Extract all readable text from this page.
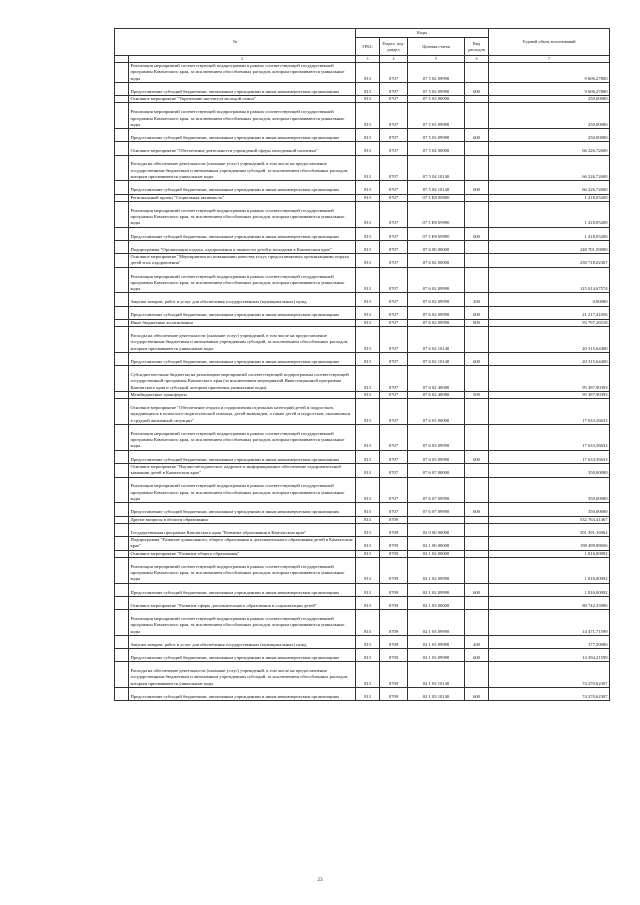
№		Коды				Годовой объем ассигнований
		ГРБС	Раздел, под-раздел	Целевая статья	Вид расходов	
.	2	3	4	5	6	7
	Реализация мероприятий соответствующей подпрограммы в рамках соответствующей государственной программы Камчатского края, за исключением обособленных расходов, которым присваиваются уникальные коды	813	0707	07 5 02 09990		9 606,27800
	Предоставление субсидий бюджетным, автономным учреждениям и иным некоммерческим организациям	813	0707	07 5 02 09990	600	9 606,27800
	Основное мероприятие "Укрепление института молодой семьи"	813	0707	07 5 03 00000		250,00000
	Реализация мероприятий соответствующей подпрограммы в рамках соответствующей государственной программы Камчатского края, за исключением обособленных расходов, которым присваиваются уникальные коды	813	0707	07 5 03 09990		250,00000
	Предоставление субсидий бюджетным, автономным учреждениям и иным некоммерческим организациям	813	0707	07 5 03 09990	600	250,00000
	Основное мероприятие "Обеспечение деятельности учреждений сферы молодежной политики"	813	0707	07 5 04 00000		66 226,72600
	Расходы на обеспечение деятельности (оказание услуг) учреждений, в том числе на предоставление государственным бюджетным и автономным учреждениям субсидий, за исключением обособленных расходов, которым присваиваются уникальные коды	813	0707	07 5 04 10140		66 226,72600
	Предоставление субсидий бюджетным, автономным учреждениям и иным некоммерческим организациям	813	0707	07 5 04 10140	600	66 226,72600
	Региональный проект "Социальная активность"	813	0707	07 5 E8 00000		1 418,05200
	Реализация мероприятий соответствующей подпрограммы в рамках соответствующей государственной программы Камчатского края, за исключением обособленных расходов, которым присваиваются уникальные коды	813	0707	07 5 E8 09990		1 418,05200
	Предоставление субсидий бюджетным, автономным учреждениям и иным некоммерческим организациям	813	0707	07 5 E8 09990	600	1 418,05200
	Подпрограмма "Организация отдыха, оздоровления и занятости детей и молодежи в Камчатском крае"	813	0707	07 6 00 00000		248 701,59000
	Основное мероприятие "Мероприятия по повышению качества услуг, предоставляемых организациями отдыха детей и их оздоровления"	813	0707	07 6 02 00000		230 718,02367
	Реализация мероприятий соответствующей подпрограммы в рамках соответствующей государственной программы Камчатского края, за исключением обособленных расходов, которым присваиваются уникальные коды	813	0707	07 6 02 09990		115 014,67574
	Закупка товаров, работ и услуг для обеспечения государственных (муниципальных) нужд	813	0707	07 6 02 09990	200	0,00000
	Предоставление субсидий бюджетным, автономным учреждениям и иным некоммерческим организациям	813	0707	07 6 02 09990	600	21 217,41056
	Иные бюджетные ассигнования	813	0707	07 6 02 09990	800	93 797,26518
	Расходы на обеспечение деятельности (оказание услуг) учреждений, в том числе на предоставление государственным бюджетным и автономным учреждениям субсидий, за исключением обособленных расходов, которым присваиваются уникальные коды	813	0707	07 6 02 10140		20 315,64400
	Предоставление субсидий бюджетным, автономным учреждениям и иным некоммерческим организациям	813	0707	07 6 02 10140	600	20 315,64400
	Субсидии местным бюджетам на реализацию мероприятий соответствующей подпрограммы соответствующей государственной программы Камчатского края (за исключением мероприятий Инвестиционной программы Камчатского края и субсидий, которым присвоены уникальные коды)	813	0707	07 6 02 40080		95 387,90393
	Межбюджетные трансферты	813	0707	07 6 02 40080	500	95 387,90393
	Основное мероприятие "Обеспечение отдыха и оздоровления отдельных категорий детей и подростков, нуждающихся в психолого-педагогической помощи, детей-инвалидов, а также детей и подростков, оказавшихся в трудной жизненной ситуации"	813	0707	07 6 03 00000		17 633,56633
	Реализация мероприятий соответствующей подпрограммы в рамках соответствующей государственной программы Камчатского края, за исключением обособленных расходов, которым присваиваются уникальные коды	813	0707	07 6 03 09990		17 633,56633
	Предоставление субсидий бюджетным, автономным учреждениям и иным некоммерческим организациям	813	0707	07 6 03 09990	600	17 633,56633
	Основное мероприятие "Научно-методическое, кадровое и информационное обеспечение оздоровительной кампании детей в Камчатском крае"	813	0707	07 6 07 00000		350,00000
	Реализация мероприятий соответствующей подпрограммы в рамках соответствующей государственной программы Камчатского края, за исключением обособленных расходов, которым присваиваются уникальные коды	813	0707	07 6 07 09990		350,00000
	Предоставление субсидий бюджетным, автономным учреждениям и иным некоммерческим организациям	813	0707	07 6 07 09990	600	350,00000
	Другие вопросы в области образования	813	0709			532 763,41467
	Государственная программа Камчатского края "Развитие образования в Камчатском крае"	813	0709	02 0 00 00000		501 391,16962
	Подпрограмма "Развитие дошкольного, общего образования и дополнительного образования детей в Камчатском крае"	813	0709	02 1 00 00000		198 499,98656
	Основное мероприятие "Развитие общего образования"	813	0709	02 1 02 00000		1 816,00092
	Реализация мероприятий соответствующей подпрограммы в рамках соответствующей государственной программы Камчатского края, за исключением обособленных расходов, которым присваиваются уникальные коды	813	0709	02 1 02 09990		1 816,00092
	Предоставление субсидий бюджетным, автономным учреждениям и иным некоммерческим организациям	813	0709	02 1 02 09990	600	1 816,00092
	Основное мероприятие "Развитие сферы дополнительного образования и социализации детей"	813	0709	02 1 03 00000		88 742,33906
	Реализация мероприятий соответствующей подпрограммы в рамках соответствующей государственной программы Камчатского края, за исключением обособленных расходов, которым присваиваются уникальные коды	813	0709	02 1 03 09990		14 471,71599
	Закупка товаров, работ и услуг для обеспечения государственных (муниципальных) нужд	813	0709	02 1 03 09990	200	177,50000
	Предоставление субсидий бюджетным, автономным учреждениям и иным некоммерческим организациям	813	0709	02 1 03 09990	600	14 294,21599
	Расходы на обеспечение деятельности (оказание услуг) учреждений, в том числе на предоставление государственным бюджетным и автономным учреждениям субсидий, за исключением обособленных расходов, которым присваиваются уникальные коды	813	0709	02 1 03 10140		74 270,62307
	Предоставление субсидий бюджетным, автономным учреждениям и иным некоммерческим организациям	813	0709	02 1 03 10140	600	74 270,62307
23
